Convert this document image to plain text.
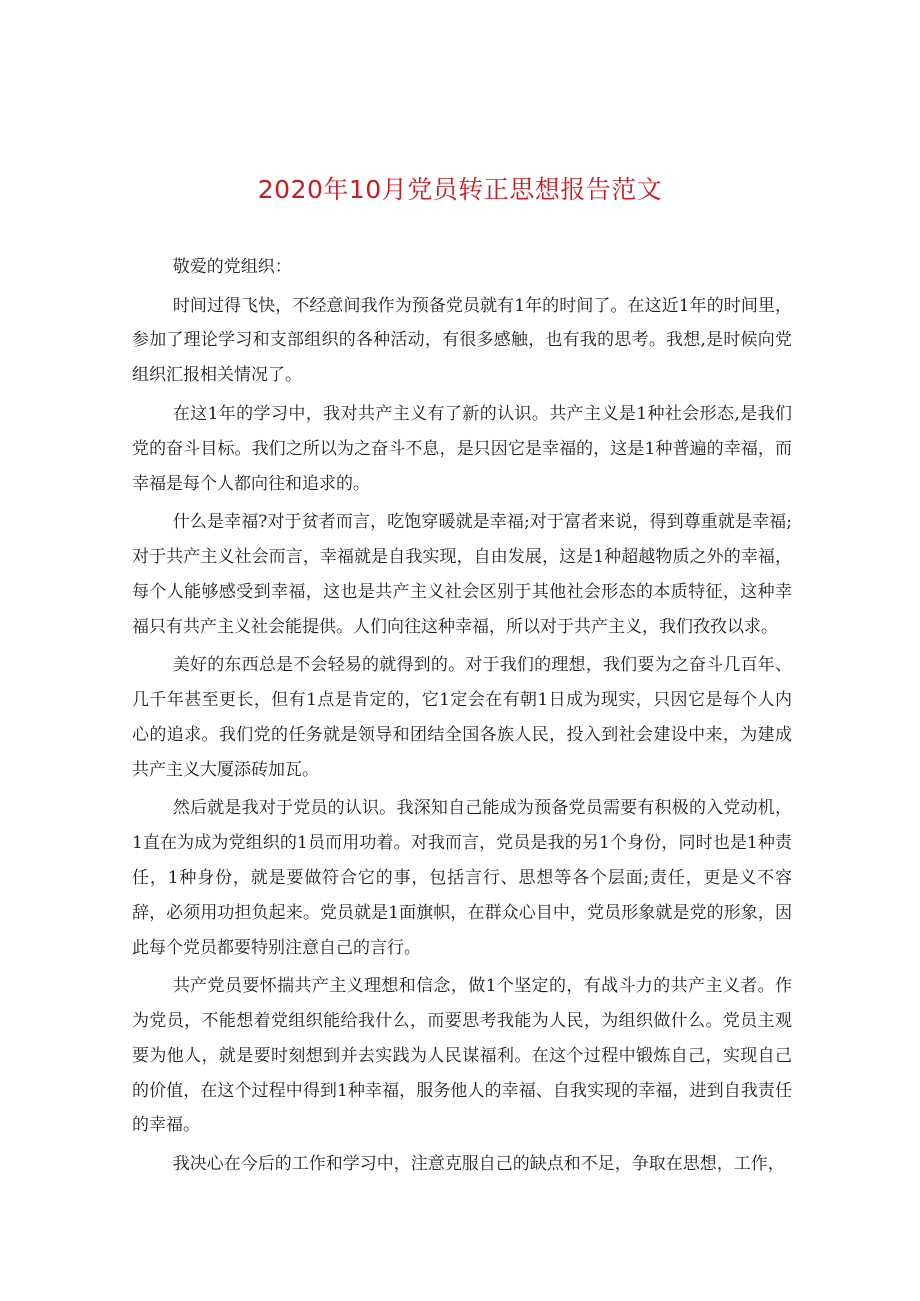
2020年10月党员转正思想报告范文

敬爱的党组织：

时间过得飞快，不经意间我作为预备党员就有1年的时间了。在这近1年的时间里，参加了理论学习和支部组织的各种活动，有很多感触，也有我的思考。我想,是时候向党组织汇报相关情况了。

在这1年的学习中，我对共产主义有了新的认识。共产主义是1种社会形态,是我们党的奋斗目标。我们之所以为之奋斗不息，是只因它是幸福的，这是1种普遍的幸福，而幸福是每个人都向往和追求的。

什么是幸福?对于贫者而言，吃饱穿暖就是幸福;对于富者来说，得到尊重就是幸福;对于共产主义社会而言，幸福就是自我实现，自由发展，这是1种超越物质之外的幸福，每个人能够感受到幸福，这也是共产主义社会区别于其他社会形态的本质特征，这种幸福只有共产主义社会能提供。人们向往这种幸福，所以对于共产主义，我们孜孜以求。

美好的东西总是不会轻易的就得到的。对于我们的理想，我们要为之奋斗几百年、几千年甚至更长，但有1点是肯定的，它1定会在有朝1日成为现实，只因它是每个人内心的追求。我们党的任务就是领导和团结全国各族人民，投入到社会建设中来，为建成共产主义大厦添砖加瓦。

然后就是我对于党员的认识。我深知自己能成为预备党员需要有积极的入党动机，1直在为成为党组织的1员而用功着。对我而言，党员是我的另1个身份，同时也是1种责任，1种身份，就是要做符合它的事，包括言行、思想等各个层面;责任，更是义不容辞，必须用功担负起来。党员就是1面旗帜，在群众心目中，党员形象就是党的形象，因此每个党员都要特别注意自己的言行。

共产党员要怀揣共产主义理想和信念，做1个坚定的，有战斗力的共产主义者。作为党员，不能想着党组织能给我什么，而要思考我能为人民，为组织做什么。党员主观要为他人，就是要时刻想到并去实践为人民谋福利。在这个过程中锻炼自己，实现自己的价值，在这个过程中得到1种幸福，服务他人的幸福、自我实现的幸福，进到自我责任的幸福。

我决心在今后的工作和学习中，注意克服自己的缺点和不足，争取在思想，工作，
